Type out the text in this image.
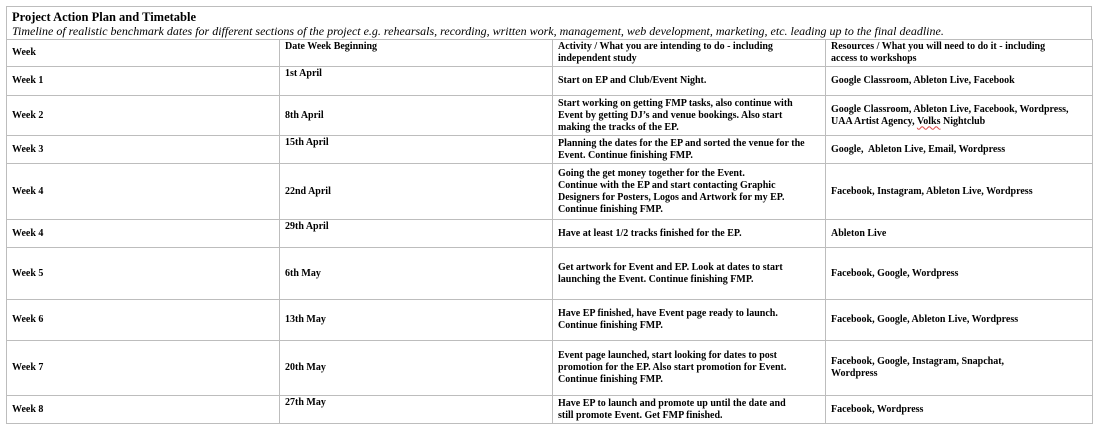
Project Action Plan and Timetable
Timeline of realistic benchmark dates for different sections of the project e.g. rehearsals, recording, written work, management, web development, marketing, etc. leading up to the final deadline.
Week	Date Week Beginning	Activity / What you are intending to do - including independent study	Resources / What you will need to do it - including access to workshops
Week 1	1st April	Start on EP and Club/Event Night.	Google Classroom, Ableton Live, Facebook
Week 2	8th April	Start working on getting FMP tasks, also continue with Event by getting DJ’s and venue bookings. Also start making the tracks of the EP.	Google Classroom, Ableton Live, Facebook, Wordpress, UAA Artist Agency, Volks Nightclub
Week 3	15th April	Planning the dates for the EP and sorted the venue for the Event. Continue finishing FMP.	Google,  Ableton Live, Email, Wordpress
Week 4	22nd April	Going the get money together for the Event. Continue with the EP and start contacting Graphic Designers for Posters, Logos and Artwork for my EP. Continue finishing FMP.	Facebook, Instagram, Ableton Live, Wordpress
Week 4	29th April	Have at least 1/2 tracks finished for the EP.	Ableton Live
Week 5	6th May	Get artwork for Event and EP. Look at dates to start launching the Event. Continue finishing FMP.	Facebook, Google, Wordpress
Week 6	13th May	Have EP finished, have Event page ready to launch. Continue finishing FMP.	Facebook, Google, Ableton Live, Wordpress
Week 7	20th May	Event page launched, start looking for dates to post promotion for the EP. Also start promotion for Event. Continue finishing FMP.	Facebook, Google, Instagram, Snapchat, Wordpress
Week 8	27th May	Have EP to launch and promote up until the date and still promote Event. Get FMP finished.	Facebook, Wordpress
